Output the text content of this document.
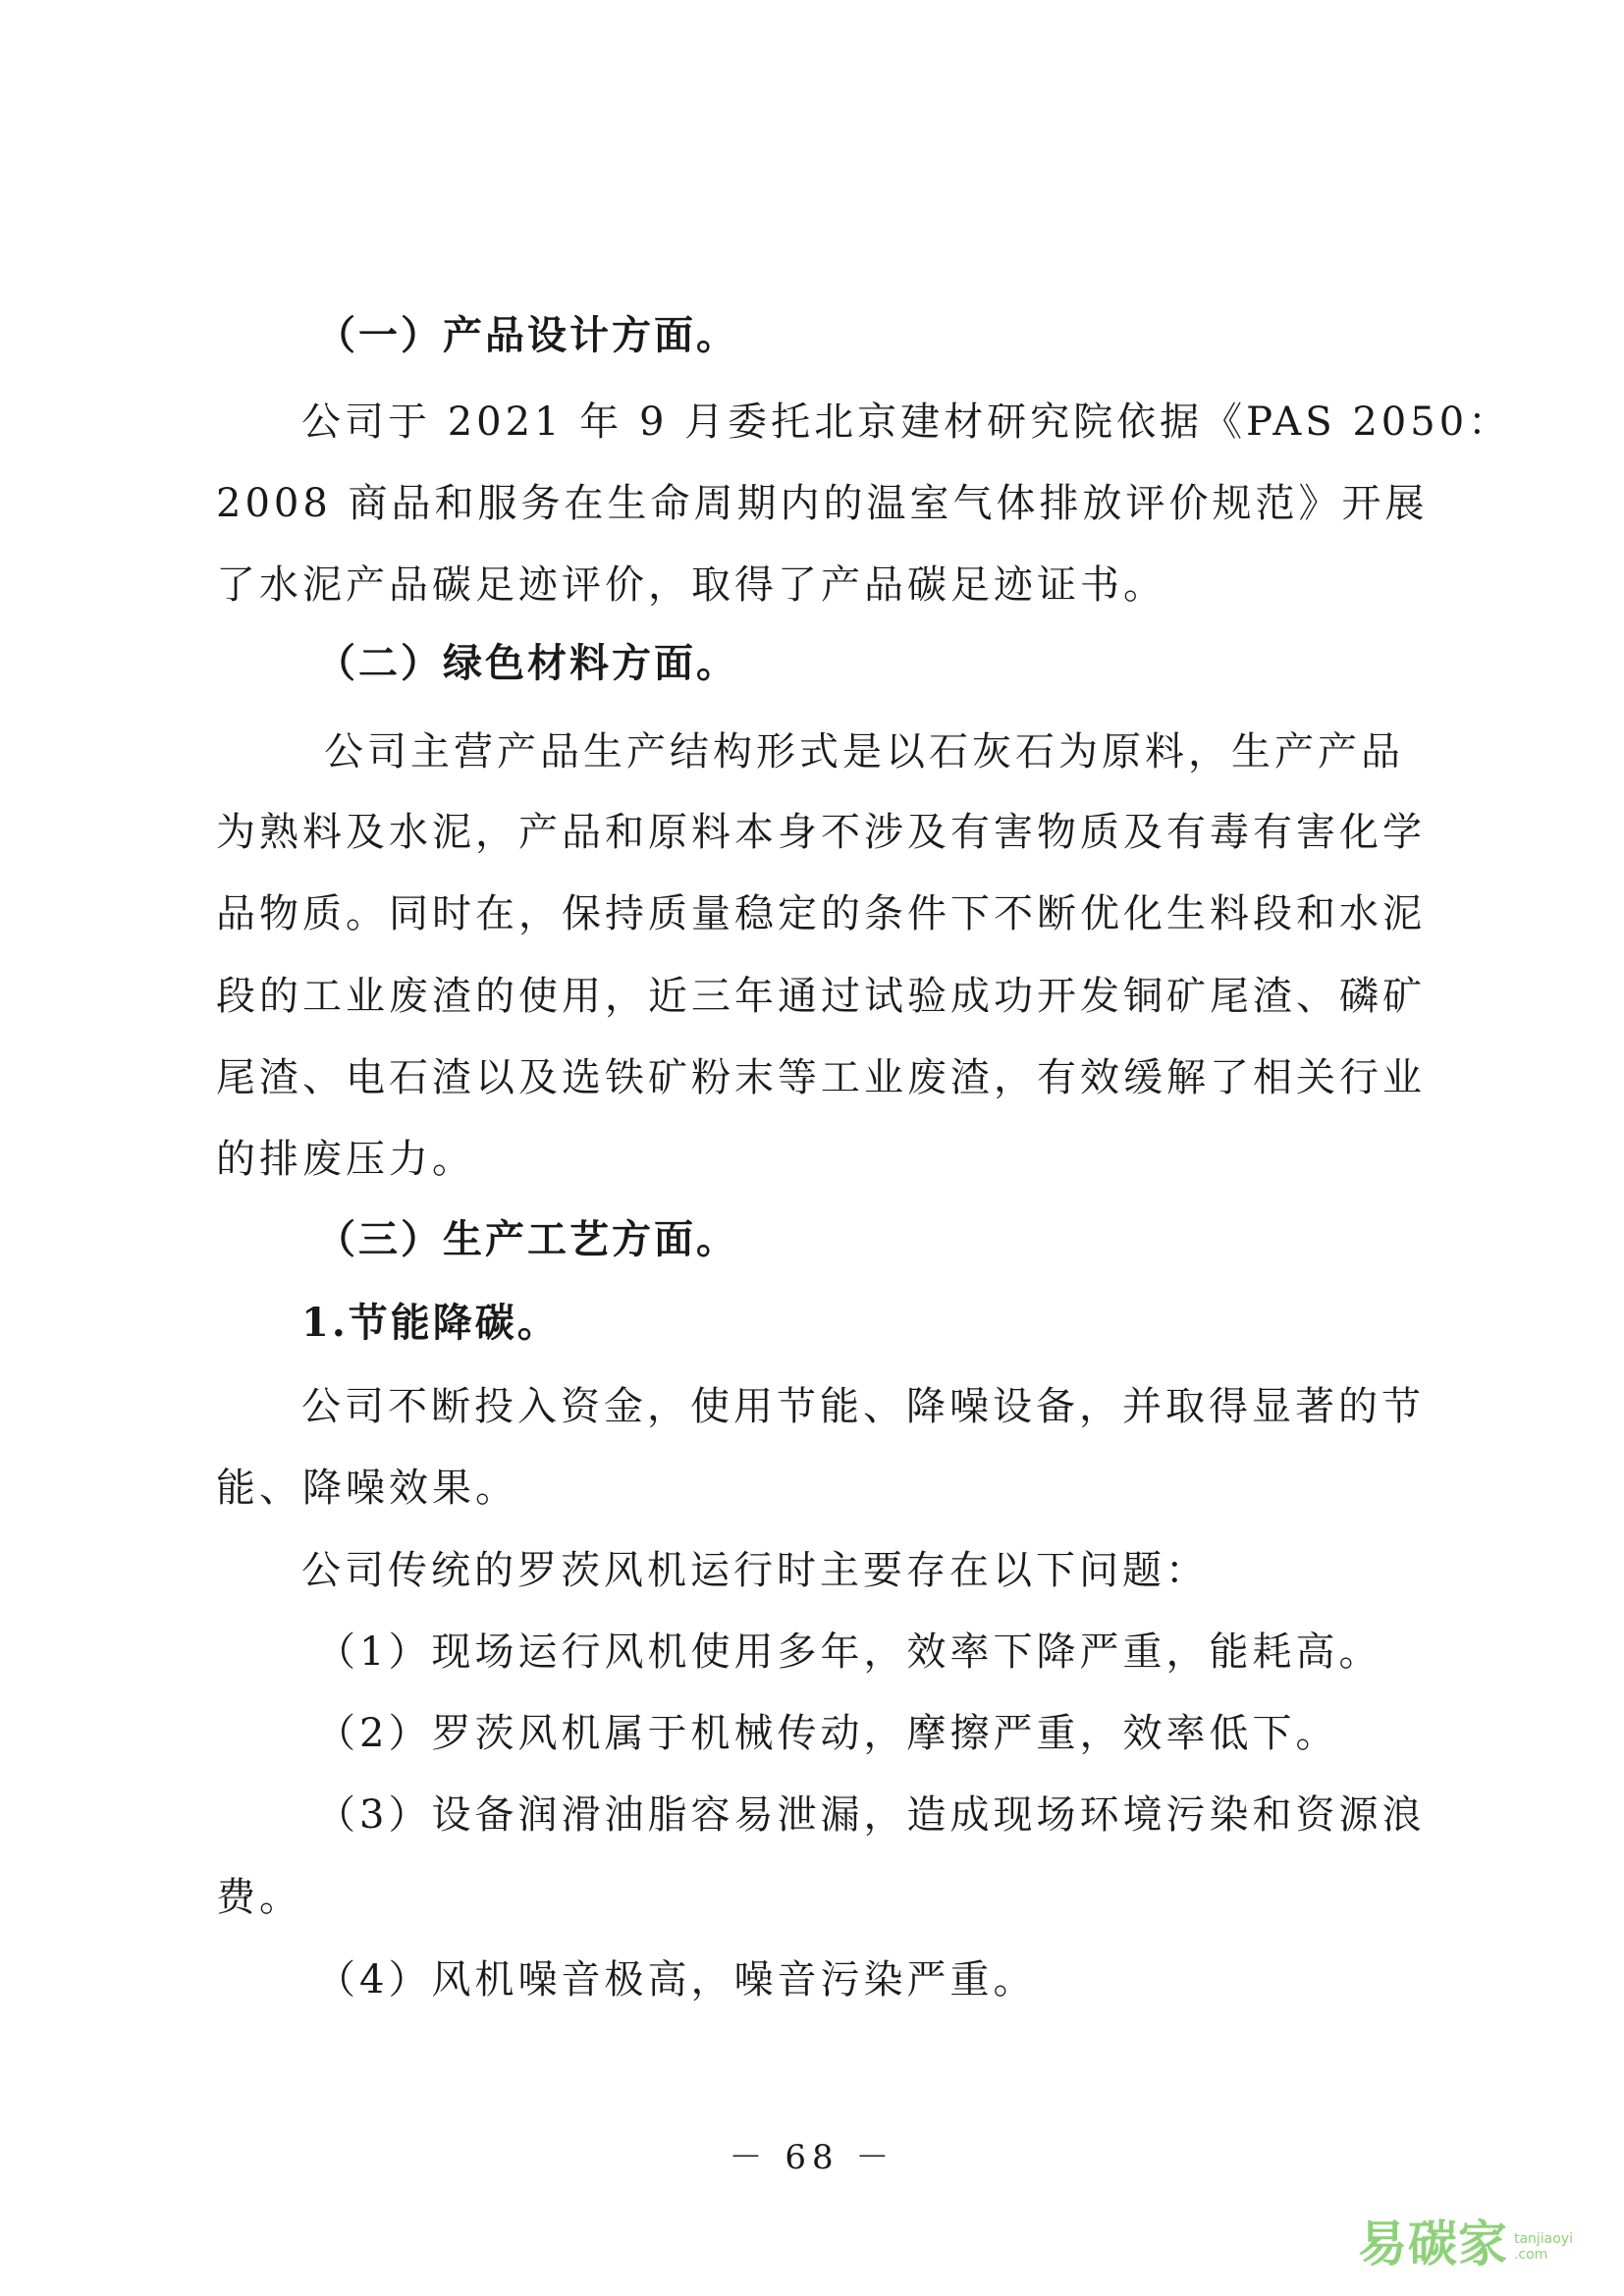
（一）产品设计方面。
公司于 2021 年 9 月委托北京建材研究院依据《PAS 2050：
2008 商品和服务在生命周期内的温室气体排放评价规范》开展
了水泥产品碳足迹评价，取得了产品碳足迹证书。
（二）绿色材料方面。
公司主营产品生产结构形式是以石灰石为原料，生产产品
为熟料及水泥，产品和原料本身不涉及有害物质及有毒有害化学
品物质。同时在，保持质量稳定的条件下不断优化生料段和水泥
段的工业废渣的使用，近三年通过试验成功开发铜矿尾渣、磷矿
尾渣、电石渣以及选铁矿粉末等工业废渣，有效缓解了相关行业
的排废压力。
（三）生产工艺方面。
1.节能降碳。
公司不断投入资金，使用节能、降噪设备，并取得显著的节
能、降噪效果。
公司传统的罗茨风机运行时主要存在以下问题：
（1）现场运行风机使用多年，效率下降严重，能耗高。
（2）罗茨风机属于机械传动，摩擦严重，效率低下。
（3）设备润滑油脂容易泄漏，造成现场环境污染和资源浪
费。
（4）风机噪音极高，噪音污染严重。
－ 68 －
易碳家 tanjiaoyi
.com
